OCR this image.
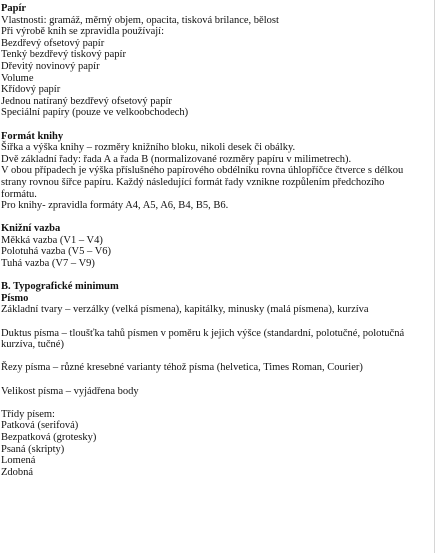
Papír
Vlastnosti: gramáž, měrný objem, opacita, tisková brilance, bělost
Při výrobě knih se zpravidla používají:
Bezdřevý ofsetový papír
Tenký bezdřevý tiskový papír
Dřevitý novinový papír
Volume
Křídový papír
Jednou natíraný bezdřevý ofsetový papír
Speciální papíry (pouze ve velkoobchodech)
Formát knihy
Šířka a výška knihy – rozměry knižního bloku, nikoli desek či obálky.
Dvě základní řady: řada A a řada B (normalizované rozměry papíru v milimetrech).
V obou případech je výška příslušného papírového obdélníku rovna úhlopříčce čtverce s délkou strany rovnou šířce papíru. Každý následující formát řady vznikne rozpůlením předchozího formátu.
Pro knihy- zpravidla formáty A4, A5, A6, B4, B5, B6.
Knižní vazba
Měkká vazba (V1 – V4)
Polotuhá vazba (V5 – V6)
Tuhá vazba (V7 – V9)
B. Typografické minimum
Písmo
Základní tvary – verzálky (velká písmena), kapitálky, minusky (malá písmena), kurzíva
Duktus písma – tloušťka tahů písmen v poměru k jejich výšce (standardní, polotučné, polotučná kurzíva, tučné)
Řezy písma – různé kresebné varianty téhož písma (helvetica, Times Roman, Courier)
Velikost písma – vyjádřena body
Třídy písem:
Patková (serifová)
Bezpatková (grotesky)
Psaná (skripty)
Lomená
Zdobná
